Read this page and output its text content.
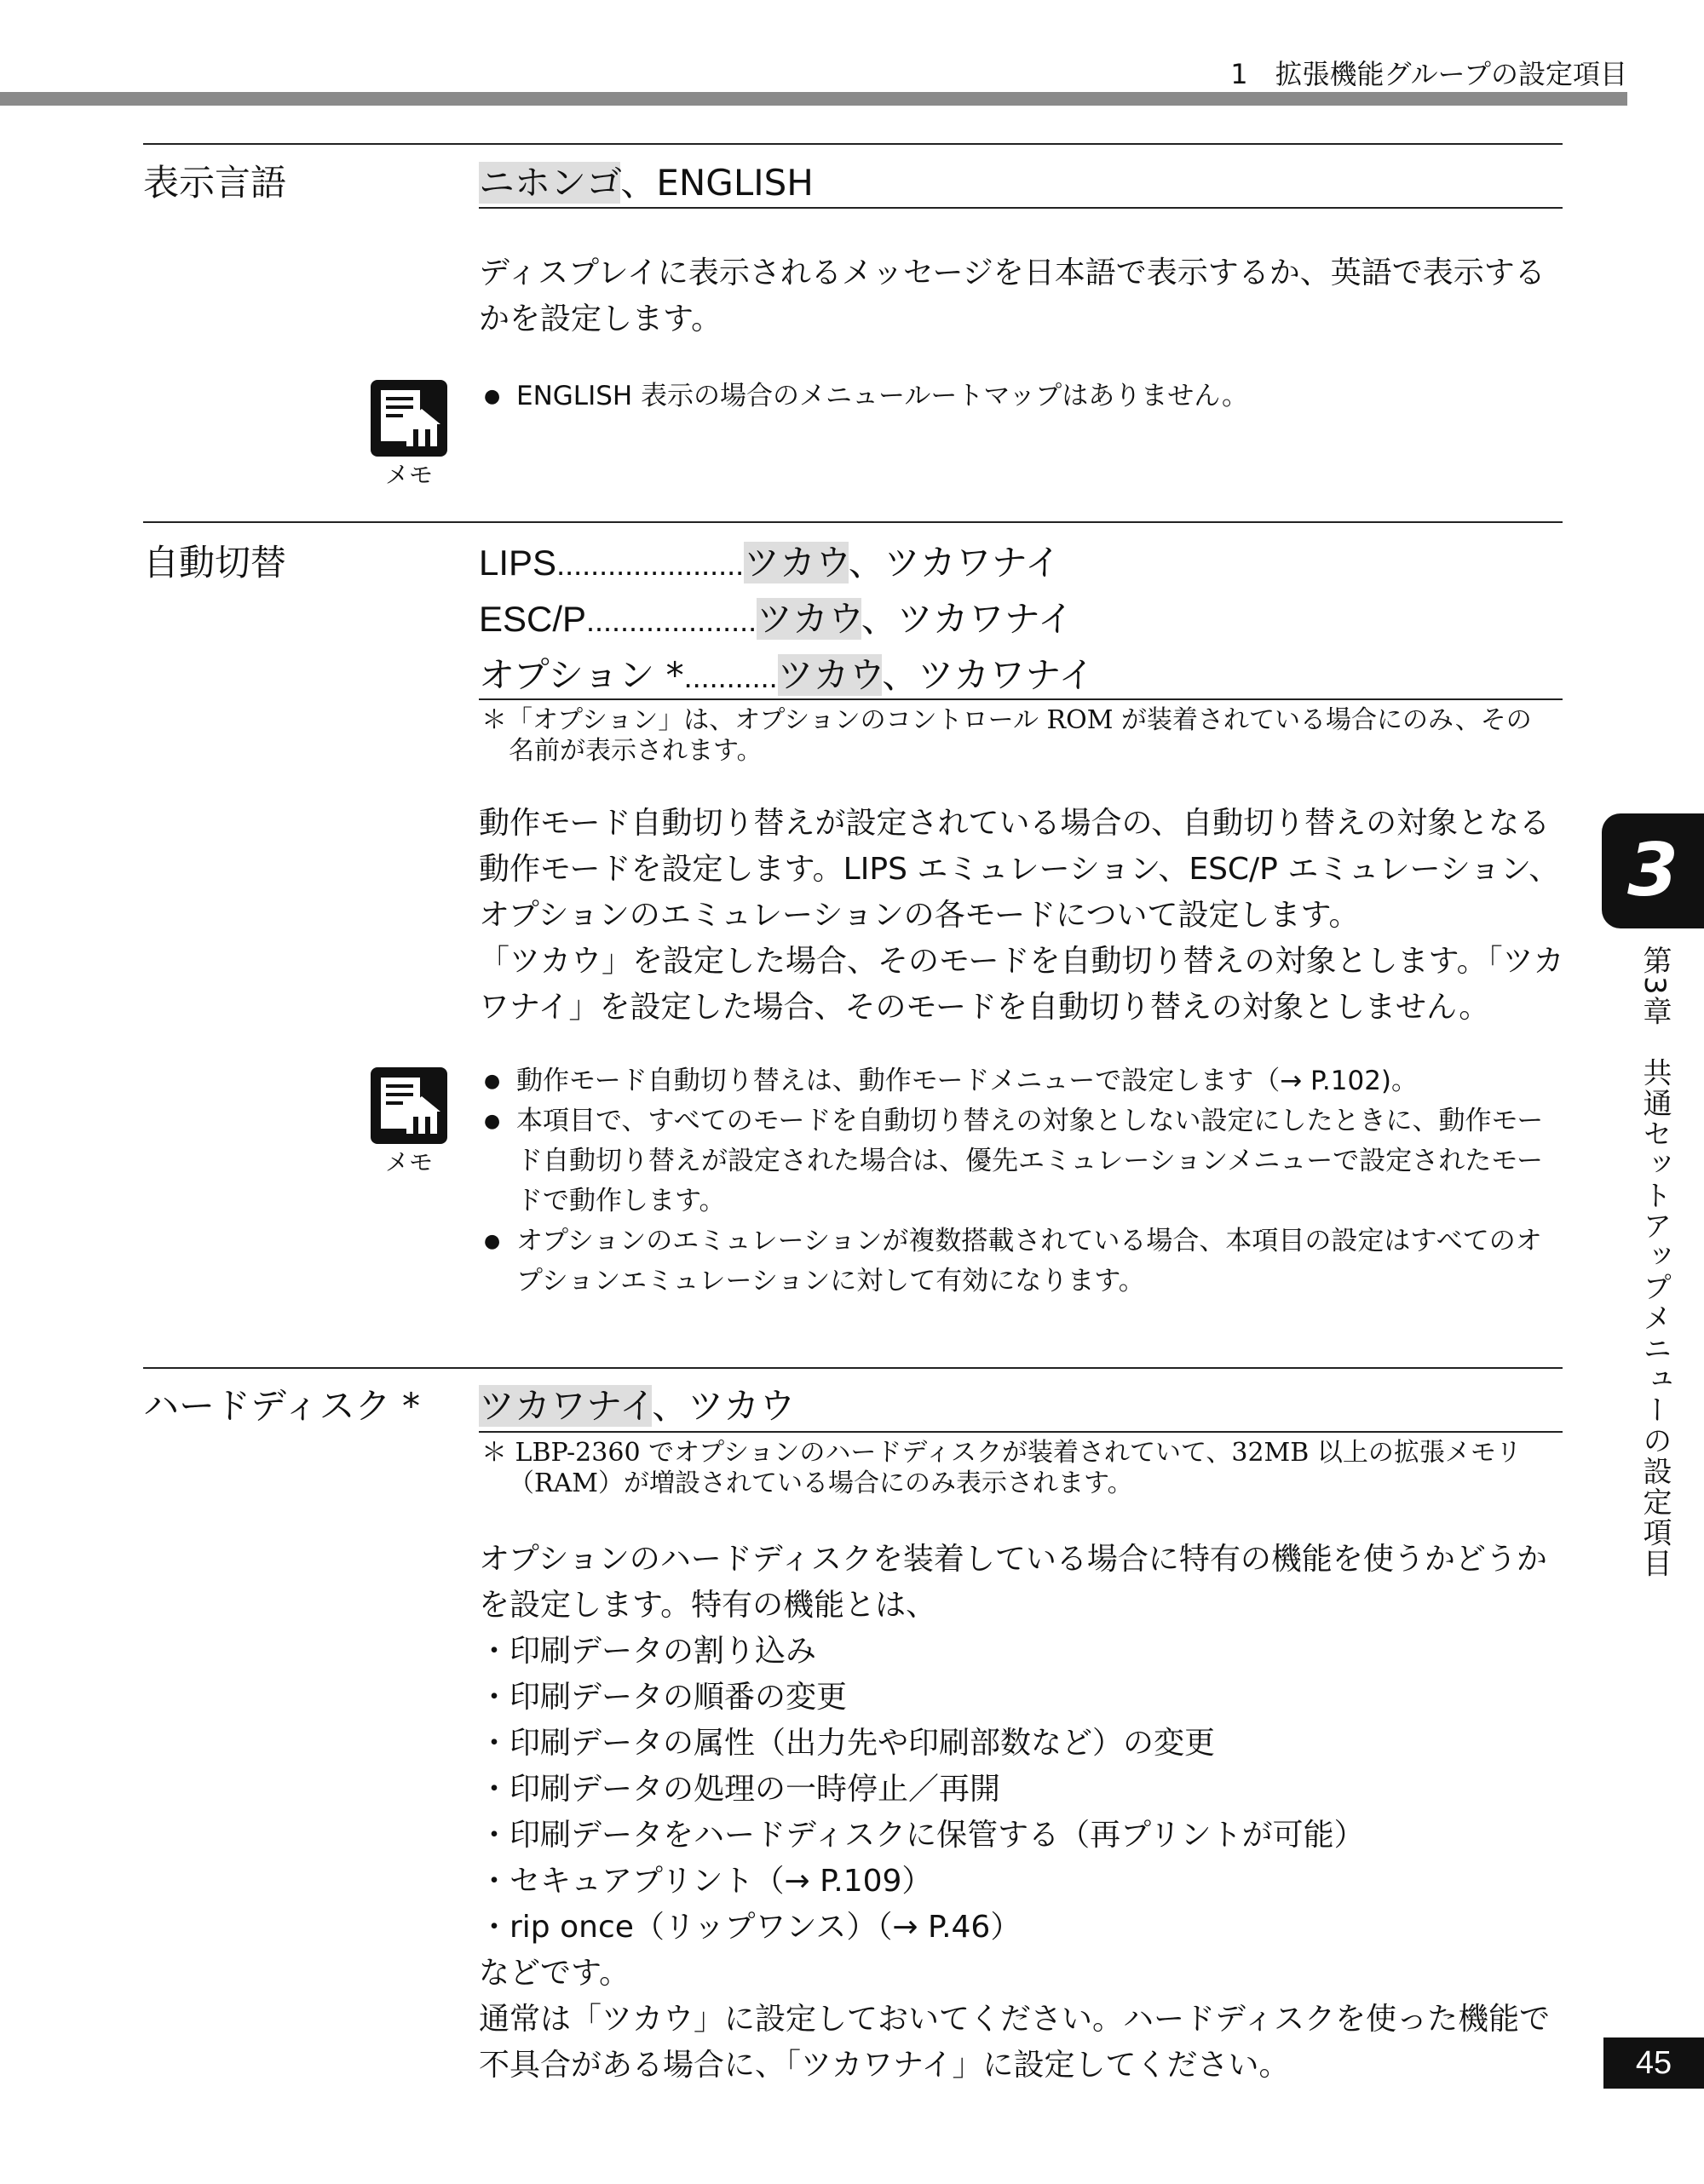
1　拡張機能グループの設定項目
表示言語	ニホンゴ、ENGLISH

ディスプレイに表示されるメッセージを日本語で表示するか、英語で表示するかを設定します。

メモ
● ENGLISH 表示の場合のメニュールートマップはありません。
自動切替	LIPS......................ツカウ、ツカワナイ
ESC/P....................ツカウ、ツカワナイ
オプション *...........ツカウ、ツカワナイ
＊「オプション」は、オプションのコントロール ROM が装着されている場合にのみ、その
名前が表示されます。

動作モード自動切り替えが設定されている場合の、自動切り替えの対象となる動作モードを設定します。LIPS エミュレーション、ESC/P エミュレーション、オプションのエミュレーションの各モードについて設定します。

「ツカウ」を設定した場合、そのモードを自動切り替えの対象とします。「ツカワナイ」を設定した場合、そのモードを自動切り替えの対象としません。

メモ
● 動作モード自動切り替えは、動作モードメニューで設定します（→ P.102)。
● 本項目で、すべてのモードを自動切り替えの対象としない設定にしたときに、動作モード自動切り替えが設定された場合は、優先エミュレーションメニューで設定されたモードで動作します。
● オプションのエミュレーションが複数搭載されている場合、本項目の設定はすべてのオプションエミュレーションに対して有効になります。
ハードディスク * ツカワナイ、ツカウ
＊ LBP-2360 でオプションのハードディスクが装着されていて、32MB 以上の拡張メモリ
（RAM）が増設されている場合にのみ表示されます。

オプションのハードディスクを装着している場合に特有の機能を使うかどうかを設定します。特有の機能とは、

・印刷データの割り込み

・印刷データの順番の変更

・印刷データの属性（出力先や印刷部数など）の変更

・印刷データの処理の一時停止／再開

・印刷データをハードディスクに保管する（再プリントが可能）

・セキュアプリント（→ P.109）

・rip once（リップワンス）（→ P.46）

などです。

通常は「ツカウ」に設定しておいてください。ハードディスクを使った機能で不具合がある場合に、「ツカワナイ」に設定してください。

3
第3章　共通セットアップメニューの設定項目
45
